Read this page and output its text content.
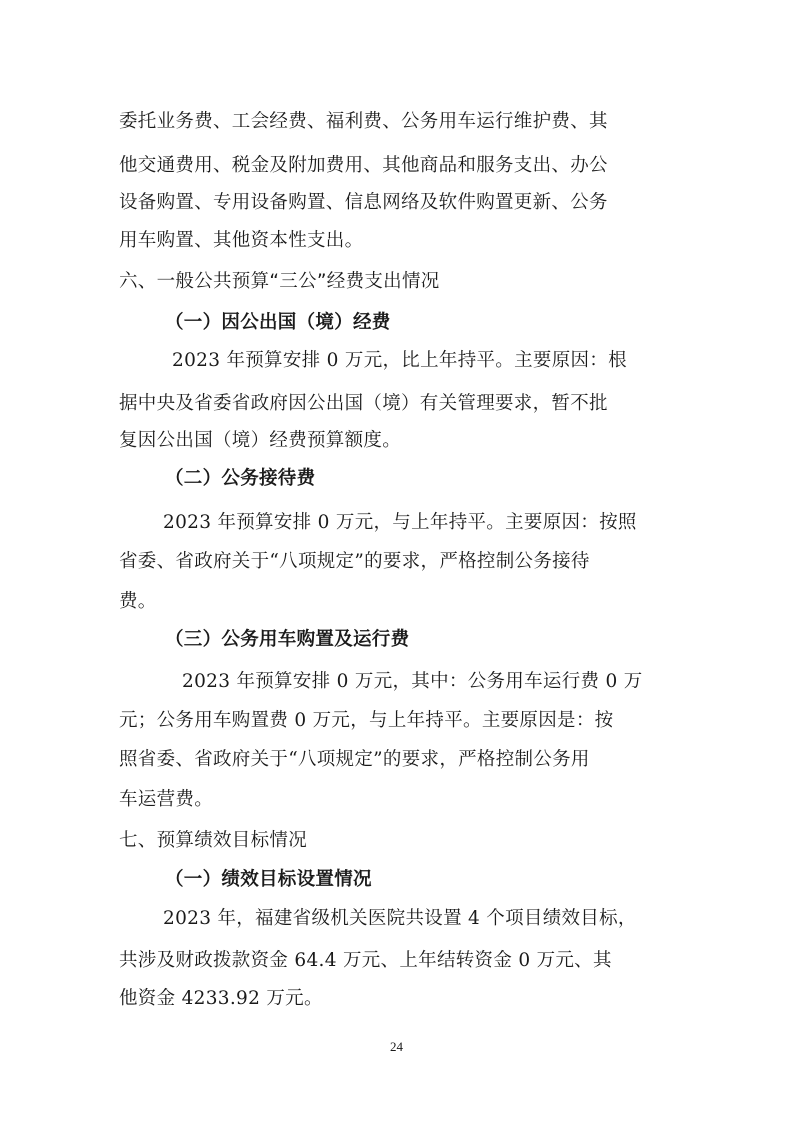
委托业务费、工会经费、福利费、公务用车运行维护费、其
他交通费用、税金及附加费用、其他商品和服务支出、办公
设备购置、专用设备购置、信息网络及软件购置更新、公务
用车购置、其他资本性支出。
六、一般公共预算“三公”经费支出情况
（一）因公出国（境）经费
2023 年预算安排 0 万元，比上年持平。主要原因：根
据中央及省委省政府因公出国（境）有关管理要求，暂不批
复因公出国（境）经费预算额度。
（二）公务接待费
2023 年预算安排 0 万元，与上年持平。主要原因：按照
省委、省政府关于“八项规定”的要求，严格控制公务接待
费。
（三）公务用车购置及运行费
2023 年预算安排 0 万元，其中：公务用车运行费 0 万
元；公务用车购置费 0 万元，与上年持平。主要原因是：按
照省委、省政府关于“八项规定”的要求，严格控制公务用
车运营费。
七、预算绩效目标情况
（一）绩效目标设置情况
2023 年，福建省级机关医院共设置 4 个项目绩效目标，
共涉及财政拨款资金 64.4 万元、上年结转资金 0 万元、其
他资金 4233.92 万元。
24
